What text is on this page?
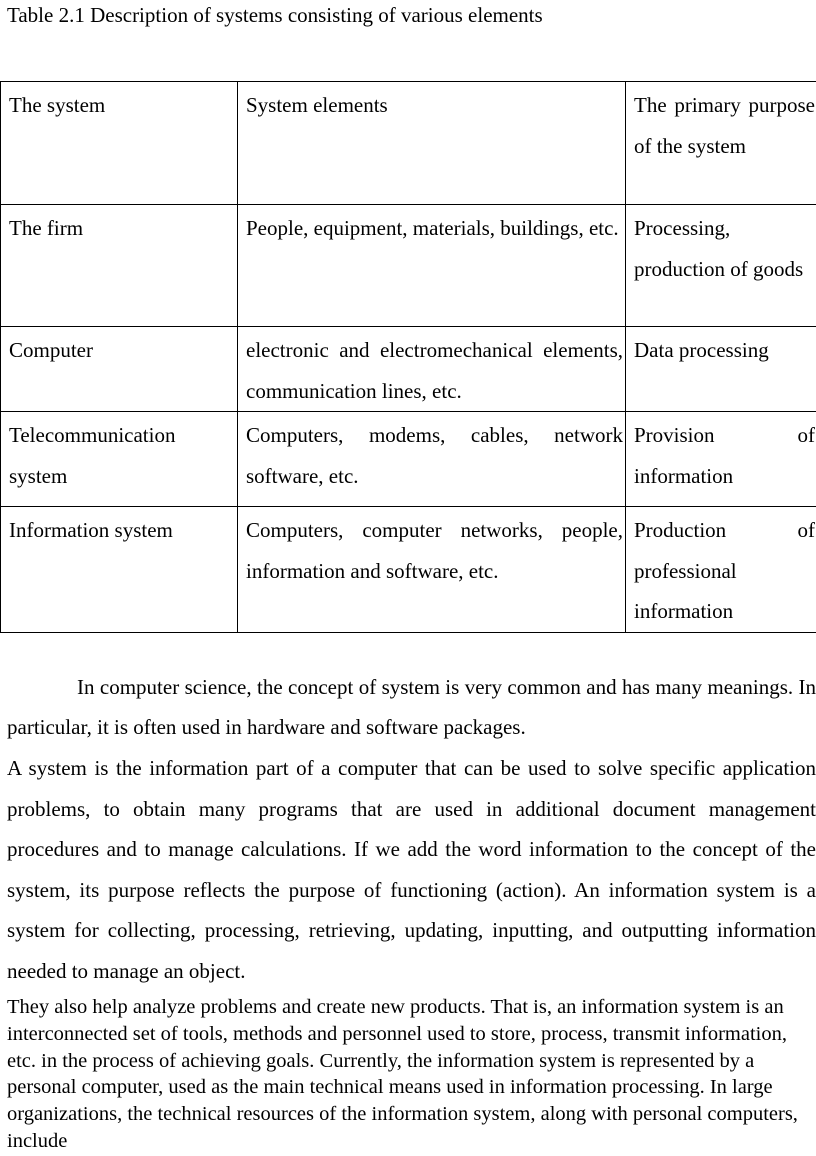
Table 2.1 Description of systems consisting of various elements
The system	System elements	The primary purpose of the system
The firm	People, equipment, materials, buildings, etc.	Processing, production of goods
Computer	electronic and electromechanical elements, communication lines, etc.	Data processing
Telecommunication system	Computers, modems, cables, network software, etc.	Provision of information
Information system	Computers, computer networks, people, information and software, etc.	Production of professional information

In computer science, the concept of system is very common and has many meanings. In particular, it is often used in hardware and software packages.

A system is the information part of a computer that can be used to solve specific application problems, to obtain many programs that are used in additional document management procedures and to manage calculations. If we add the word information to the concept of the system, its purpose reflects the purpose of functioning (action). An information system is a system for collecting, processing, retrieving, updating, inputting, and outputting information needed to manage an object.

They also help analyze problems and create new products. That is, an information system is an interconnected set of tools, methods and personnel used to store, process, transmit information, etc. in the process of achieving goals. Currently, the information system is represented by a personal computer, used as the main technical means used in information processing. In large organizations, the technical resources of the information system, along with personal computers, include
